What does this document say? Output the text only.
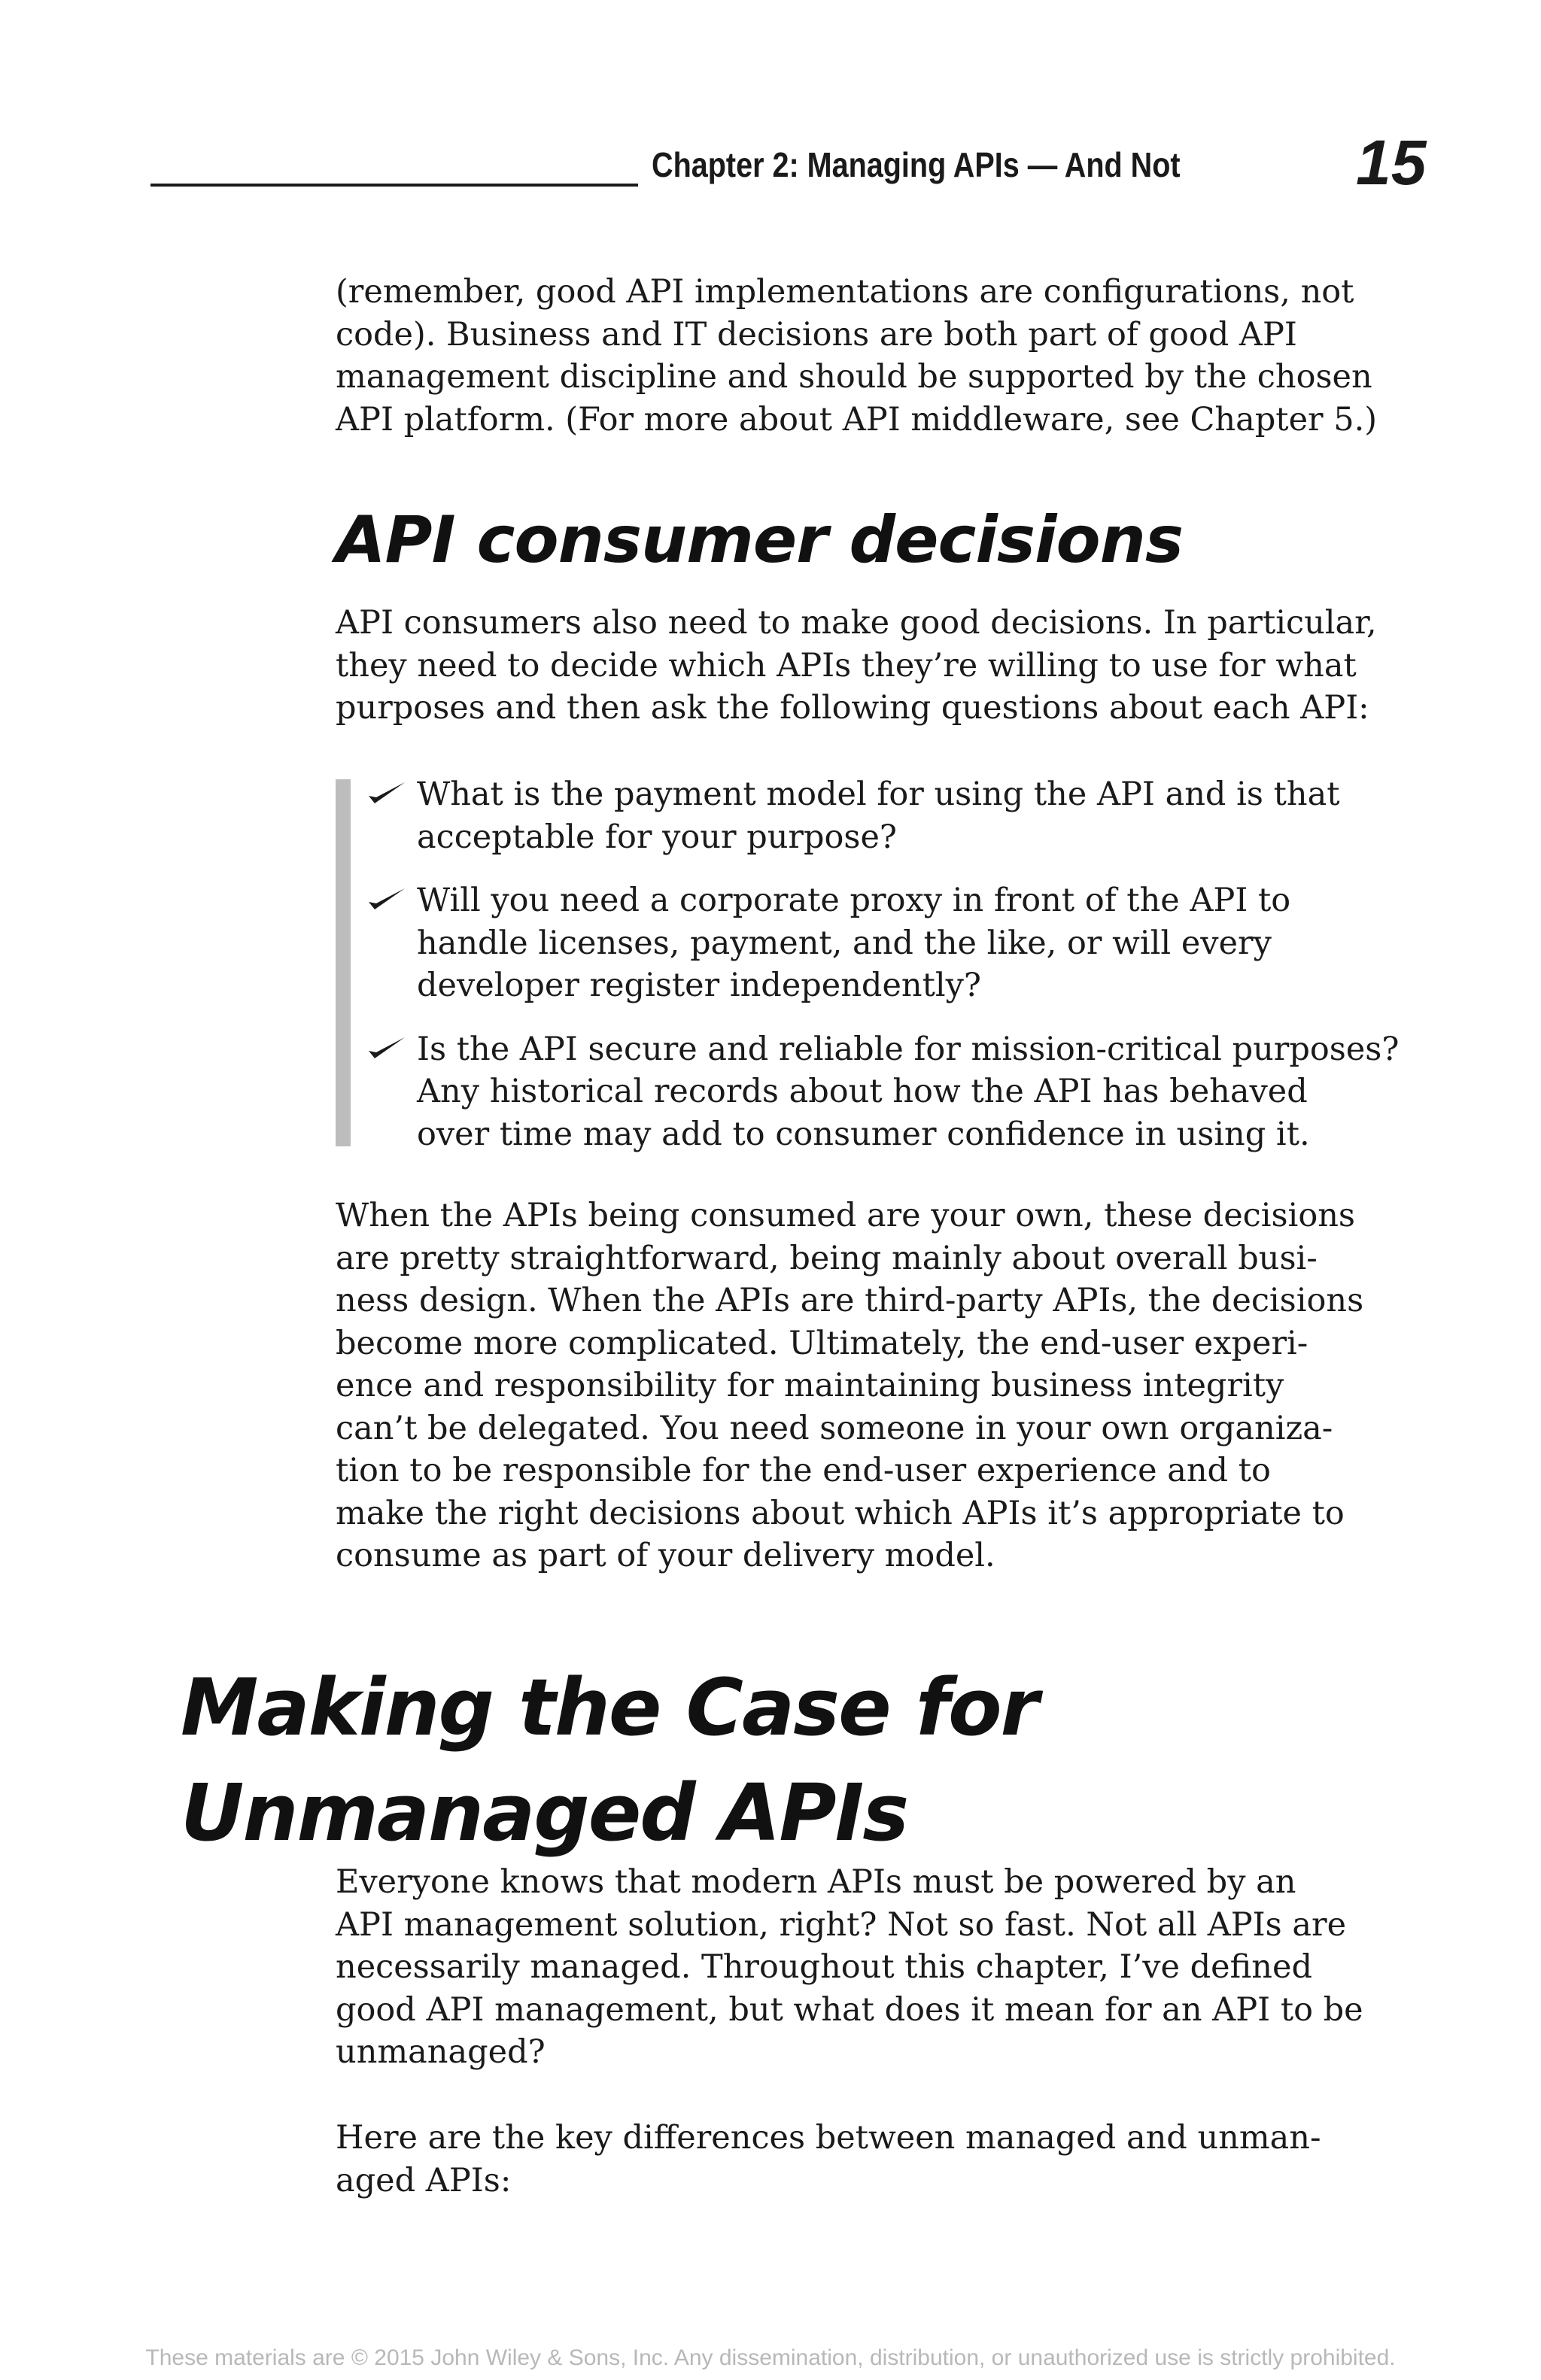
Chapter 2: Managing APIs — And Not	15

(remember, good API implementations are configurations, not
code). Business and IT decisions are both part of good API
management discipline and should be supported by the chosen
API platform. (For more about API middleware, see Chapter 5.)

API consumer decisions

API consumers also need to make good decisions. In particular,
they need to decide which APIs they’re willing to use for what
purposes and then ask the following questions about each API:

What is the payment model for using the API and is that
acceptable for your purpose?
Will you need a corporate proxy in front of the API to
handle licenses, payment, and the like, or will every
developer register independently?
Is the API secure and reliable for mission-critical purposes?
Any historical records about how the API has behaved
over time may add to consumer confidence in using it.

When the APIs being consumed are your own, these decisions
are pretty straightforward, being mainly about overall busi-
ness design. When the APIs are third-party APIs, the decisions
become more complicated. Ultimately, the end-user experi-
ence and responsibility for maintaining business integrity
can’t be delegated. You need someone in your own organiza-
tion to be responsible for the end-user experience and to
make the right decisions about which APIs it’s appropriate to
consume as part of your delivery model.

Making the Case for
Unmanaged APIs

Everyone knows that modern APIs must be powered by an
API management solution, right? Not so fast. Not all APIs are
necessarily managed. Throughout this chapter, I’ve defined
good API management, but what does it mean for an API to be
unmanaged?

Here are the key differences between managed and unman-
aged APIs:

These materials are © 2015 John Wiley & Sons, Inc. Any dissemination, distribution, or unauthorized use is strictly prohibited.
